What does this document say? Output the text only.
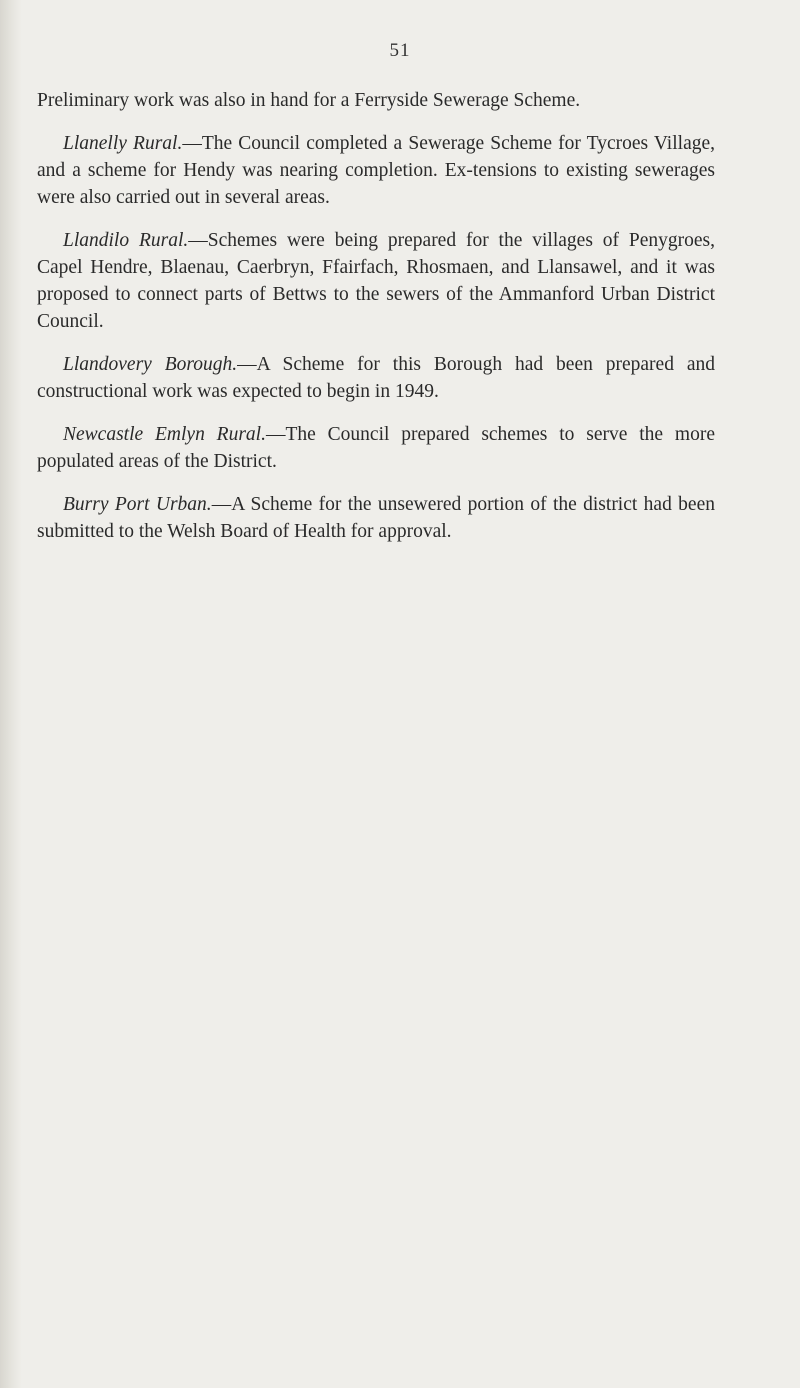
51

Preliminary work was also in hand for a Ferryside Sewerage Scheme.

Llanelly Rural.—The Council completed a Sewerage Scheme for Tycroes Village, and a scheme for Hendy was nearing completion. Ex-tensions to existing sewerages were also carried out in several areas.

Llandilo Rural.—Schemes were being prepared for the villages of Penygroes, Capel Hendre, Blaenau, Caerbryn, Ffairfach, Rhosmaen, and Llansawel, and it was proposed to connect parts of Bettws to the sewers of the Ammanford Urban District Council.

Llandovery Borough.—A Scheme for this Borough had been prepared and constructional work was expected to begin in 1949.

Newcastle Emlyn Rural.—The Council prepared schemes to serve the more populated areas of the District.

Burry Port Urban.—A Scheme for the unsewered portion of the district had been submitted to the Welsh Board of Health for approval.
